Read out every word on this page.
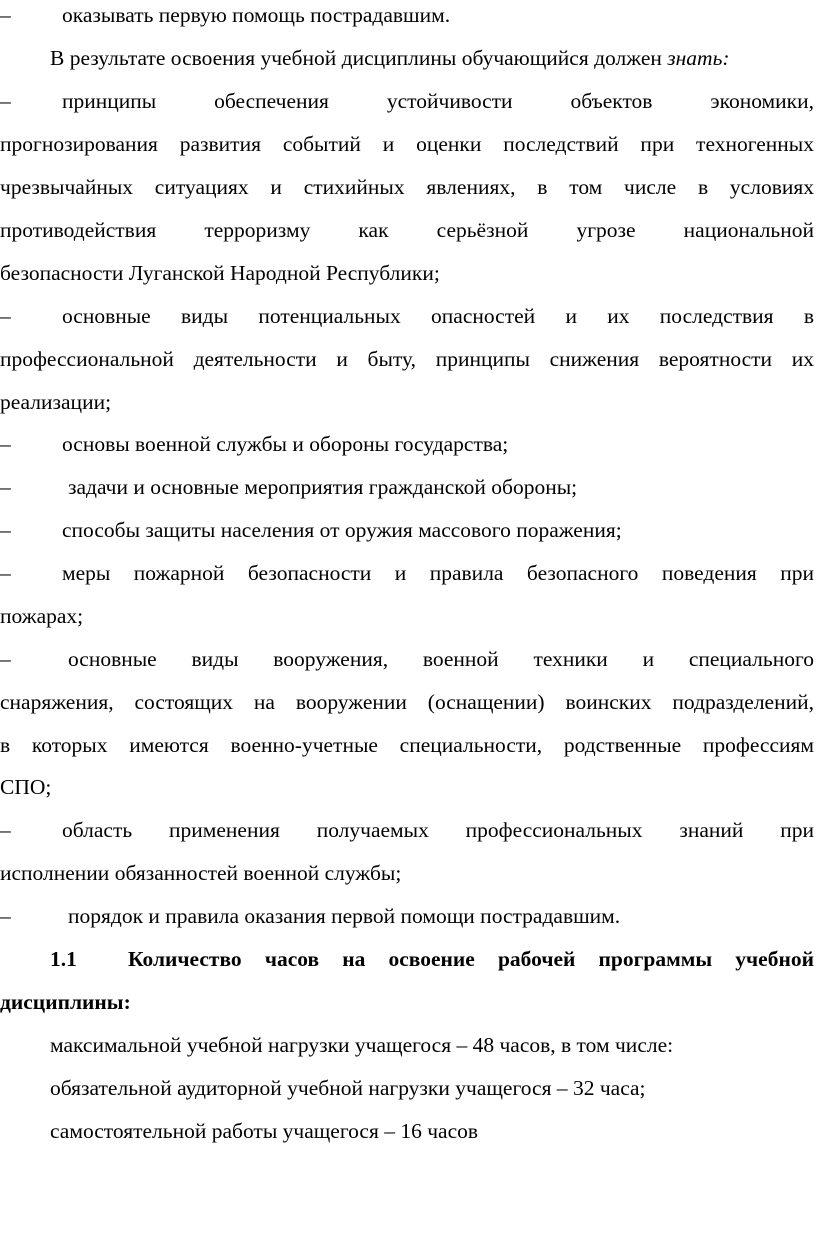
– оказывать первую помощь пострадавшим.

В результате освоения учебной дисциплины обучающийся должен знать:

– принципы обеспечения устойчивости объектов экономики,

прогнозирования развития событий и оценки последствий при техногенных

чрезвычайных ситуациях и стихийных явлениях, в том числе в условиях

противодействия терроризму как серьёзной угрозе национальной

безопасности Луганской Народной Республики;

– основные виды потенциальных опасностей и их последствия в

профессиональной деятельности и быту, принципы снижения вероятности их

реализации;

– основы военной службы и обороны государства;

–	задачи и основные мероприятия гражданской обороны;

– способы защиты населения от оружия массового поражения;

– меры пожарной безопасности и правила безопасного поведения при

пожарах;

–	основные виды вооружения, военной техники и специального

снаряжения, состоящих на вооружении (оснащении) воинских подразделений,

в которых имеются военно-учетные специальности, родственные профессиям

СПО;

– область применения получаемых профессиональных знаний при

исполнении обязанностей военной службы;

–	порядок и правила оказания первой помощи пострадавшим.

1.1 Количество часов на освоение рабочей программы учебной

дисциплины:

максимальной учебной нагрузки учащегося – 48 часов, в том числе:

обязательной аудиторной учебной нагрузки учащегося – 32 часа;

самостоятельной работы учащегося – 16 часов
